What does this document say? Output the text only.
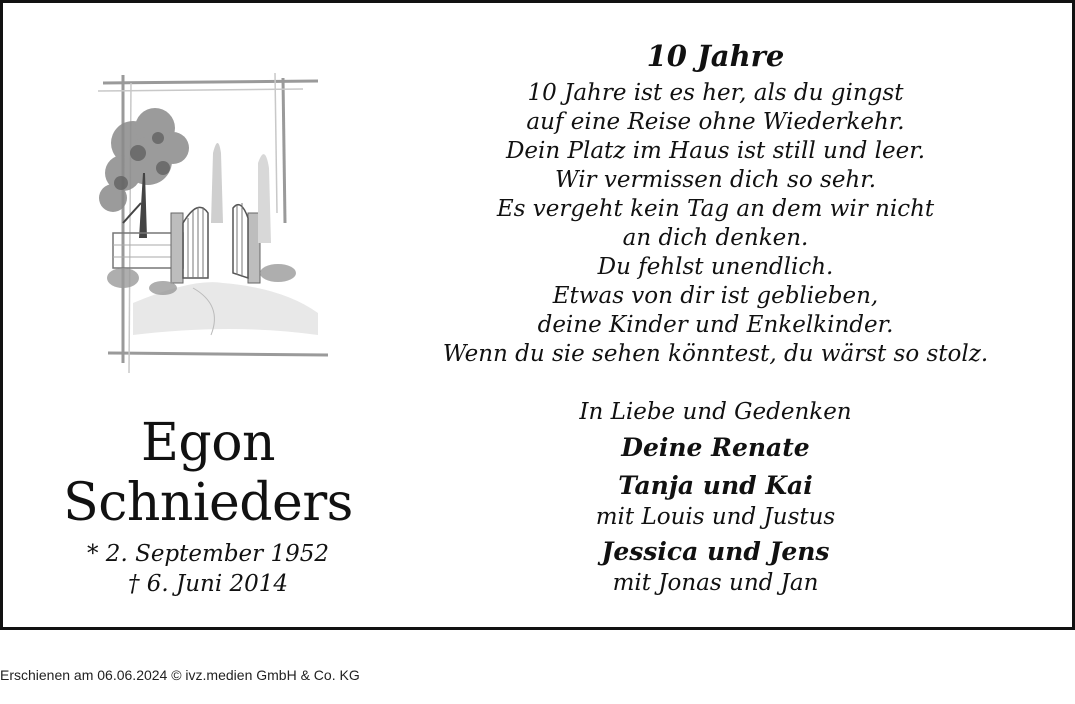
Egon
Schnieders
* 2. September 1952
† 6. Juni 2014
10 Jahre
10 Jahre ist es her, als du gingst
auf eine Reise ohne Wiederkehr.
Dein Platz im Haus ist still und leer.
Wir vermissen dich so sehr.
Es vergeht kein Tag an dem wir nicht
an dich denken.
Du fehlst unendlich.
Etwas von dir ist geblieben,
deine Kinder und Enkelkinder.
Wenn du sie sehen könntest, du wärst so stolz.
In Liebe und Gedenken
Deine Renate
Tanja und Kai
mit Louis und Justus
Jessica und Jens
mit Jonas und Jan
Erschienen am 06.06.2024 © ivz.medien GmbH & Co. KG
